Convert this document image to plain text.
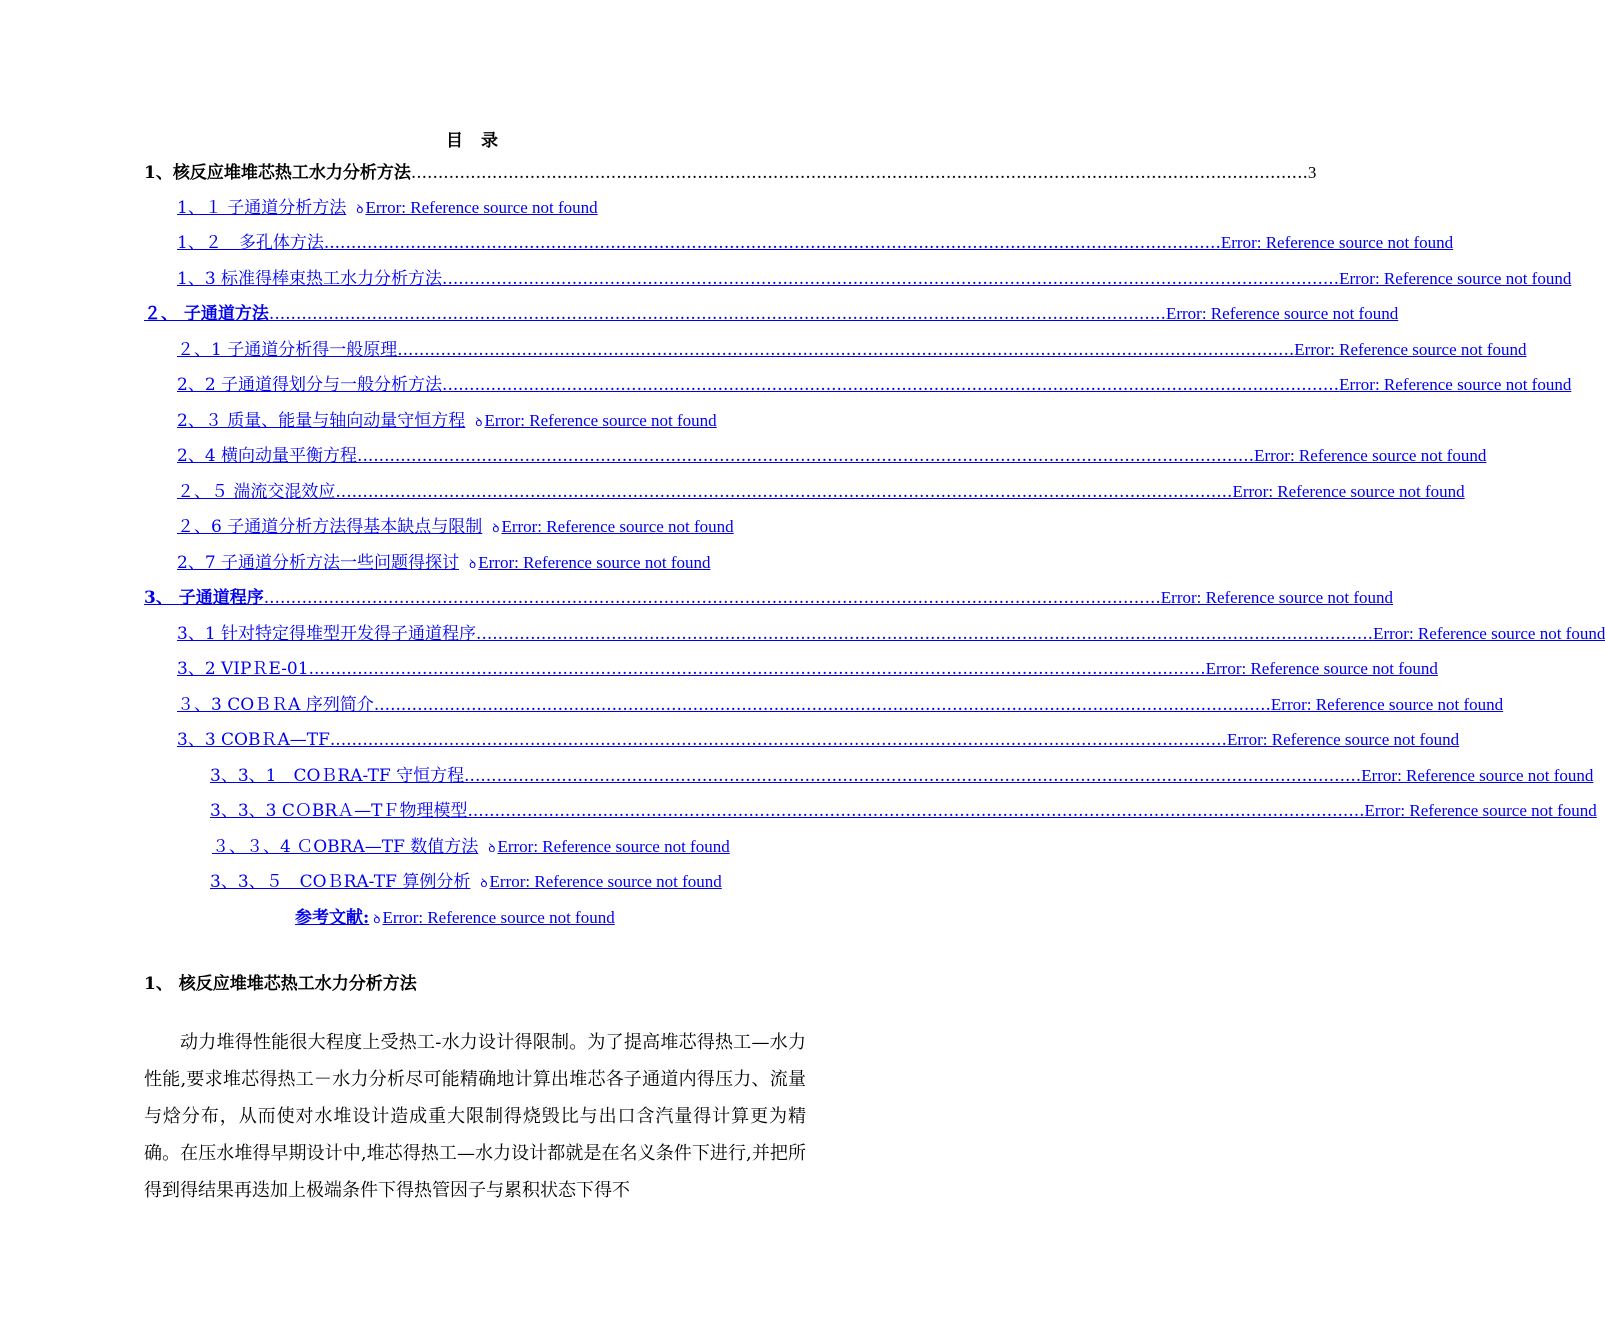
目 录
1、 核反应堆堆芯热工水力分析方法 ...................................................................................................................................................................... 3
1、１ 子通道分析方法 ꝺ Error: Reference source not found
1、２　多孔体方法 ...................................................................................................................................................................... Error: Reference source not found
1、3 标准得棒束热工水力分析方法 ...................................................................................................................................................................... Error: Reference source not found
２、 子通道方法 ...................................................................................................................................................................... Error: Reference source not found
２、1 子通道分析得一般原理 ...................................................................................................................................................................... Error: Reference source not found
2、2 子通道得划分与一般分析方法 ...................................................................................................................................................................... Error: Reference source not found
2、３ 质量、能量与轴向动量守恒方程 ꝺ Error: Reference source not found
2、4 横向动量平衡方程 ...................................................................................................................................................................... Error: Reference source not found
２、５ 湍流交混效应 ...................................................................................................................................................................... Error: Reference source not found
２、6 子通道分析方法得基本缺点与限制 ꝺ Error: Reference source not found
2、7 子通道分析方法一些问题得探讨 ꝺ Error: Reference source not found
3、 子通道程序 ...................................................................................................................................................................... Error: Reference source not found
3、1 针对特定得堆型开发得子通道程序 ...................................................................................................................................................................... Error: Reference source not found
3、2 VIPＲE-01 ...................................................................................................................................................................... Error: Reference source not found
３、3 COＢＲA 序列简介 ...................................................................................................................................................................... Error: Reference source not found
3、3 COBＲA—TF ...................................................................................................................................................................... Error: Reference source not found
3、3、1　COＢRA-TF 守恒方程 ...................................................................................................................................................................... Error: Reference source not found
3、3、3 CＯBRＡ—TＦ物理模型 ...................................................................................................................................................................... Error: Reference source not found
３、３、4 ＣOBRA—TF 数值方法 ꝺ Error: Reference source not found
3、3、５　COＢRA-TF 算例分析 ꝺ Error: Reference source not found
参考文献: ꝺ Error: Reference source not found
1、 核反应堆堆芯热工水力分析方法
动力堆得性能很大程度上受热工-水力设计得限制。为了提高堆芯得热工—水力性能,要求堆芯得热工－水力分析尽可能精确地计算出堆芯各子通道内得压力、流量与焓分布，从而使对水堆设计造成重大限制得烧毁比与出口含汽量得计算更为精确。在压水堆得早期设计中,堆芯得热工—水力设计都就是在名义条件下进行,并把所得到得结果再迭加上极端条件下得热管因子与累积状态下得不
